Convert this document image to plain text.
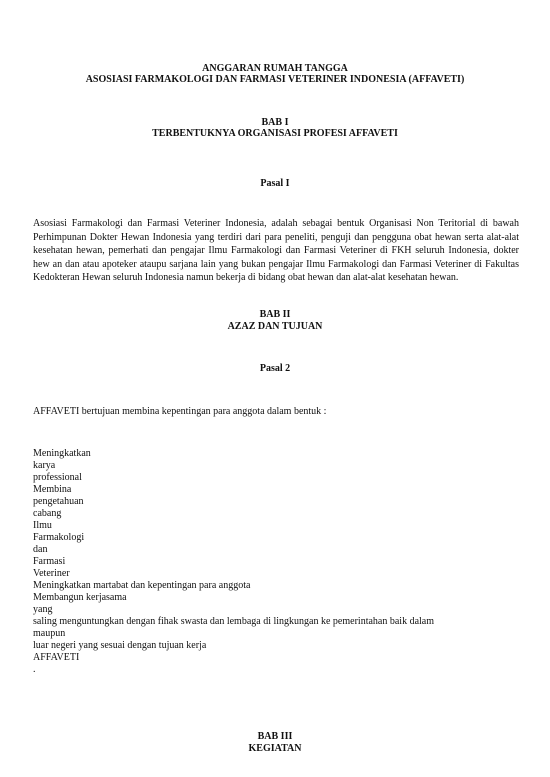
ANGGARAN RUMAH TANGGA
ASOSIASI FARMAKOLOGI DAN FARMASI VETERINER INDONESIA (AFFAVETI)
BAB I
TERBENTUKNYA ORGANISASI PROFESI AFFAVETI
Pasal I
Asosiasi Farmakologi dan Farmasi Veteriner Indonesia, adalah sebagai bentuk Organisasi Non Teritorial di bawah Perhimpunan Dokter Hewan Indonesia yang terdiri dari para peneliti, penguji dan pengguna obat hewan serta alat-alat kesehatan hewan, pemerhati dan pengajar Ilmu Farmakologi dan Farmasi Veteriner di FKH seluruh Indonesia, dokter hew an dan atau apoteker ataupu sarjana lain yang bukan pengajar Ilmu Farmakologi dan Farmasi Veteriner di Fakultas Kedokteran Hewan seluruh Indonesia namun bekerja di bidang obat hewan dan alat-alat kesehatan hewan.
BAB II
AZAZ DAN TUJUAN
Pasal 2
AFFAVETI bertujuan membina kepentingan para anggota dalam bentuk :
Meningkatkan
karya
professional
Membina
pengetahuan
cabang
Ilmu
Farmakologi
dan
Farmasi
Veteriner
Meningkatkan martabat dan kepentingan para anggota
Membangun kerjasama
yang
saling menguntungkan dengan fihak swasta dan lembaga di lingkungan ke pemerintahan baik dalam
maupun
luar negeri yang sesuai dengan tujuan kerja
AFFAVETI
.
BAB III
KEGIATAN
